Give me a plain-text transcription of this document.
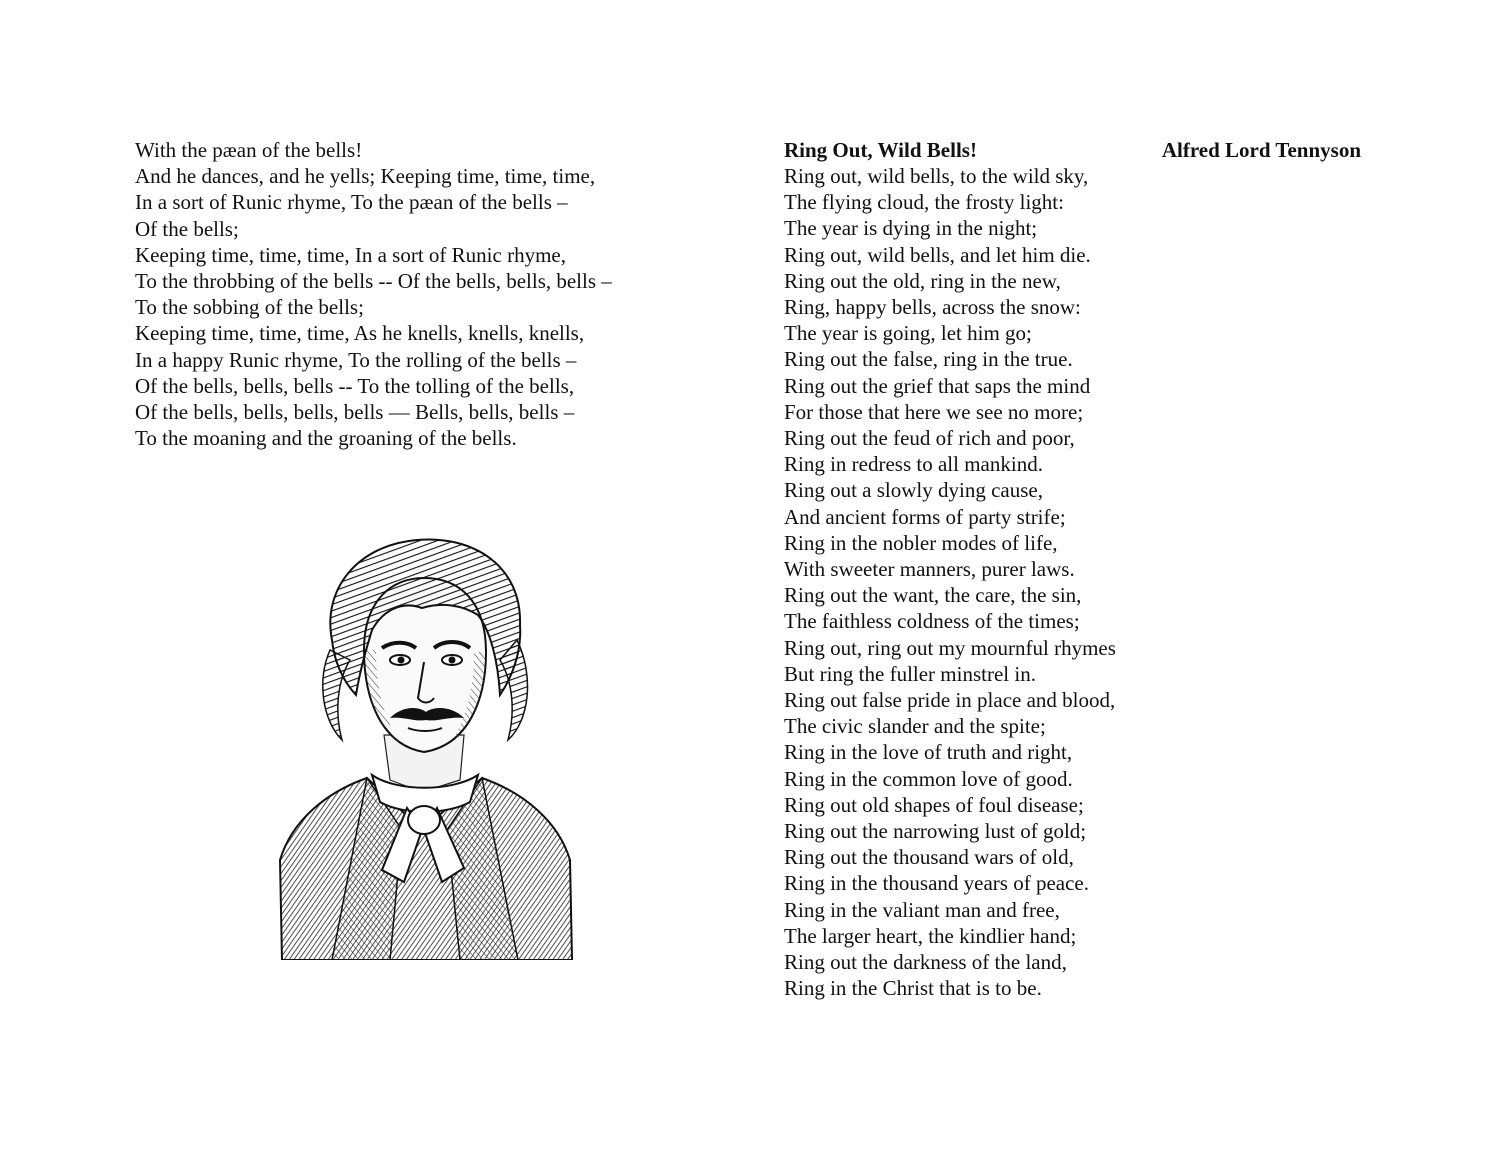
With the pæan of the bells!
And he dances, and he yells; Keeping time, time, time,
In a sort of Runic rhyme, To the pæan of the bells –
Of the bells;
Keeping time, time, time, In a sort of Runic rhyme,
To the throbbing of the bells -- Of the bells, bells, bells –
To the sobbing of the bells;
Keeping time, time, time, As he knells, knells, knells,
In a happy Runic rhyme, To the rolling of the bells –
Of the bells, bells, bells -- To the tolling of the bells,
Of the bells, bells, bells, bells — Bells, bells, bells –
To the moaning and the groaning of the bells.
Ring Out, Wild Bells!	Alfred Lord Tennyson
Ring out, wild bells, to the wild sky,
The flying cloud, the frosty light:
The year is dying in the night;
Ring out, wild bells, and let him die.
Ring out the old, ring in the new,
Ring, happy bells, across the snow:
The year is going, let him go;
Ring out the false, ring in the true.
Ring out the grief that saps the mind
For those that here we see no more;
Ring out the feud of rich and poor,
Ring in redress to all mankind.
Ring out a slowly dying cause,
And ancient forms of party strife;
Ring in the nobler modes of life,
With sweeter manners, purer laws.
Ring out the want, the care, the sin,
The faithless coldness of the times;
Ring out, ring out my mournful rhymes
But ring the fuller minstrel in.
Ring out false pride in place and blood,
The civic slander and the spite;
Ring in the love of truth and right,
Ring in the common love of good.
Ring out old shapes of foul disease;
Ring out the narrowing lust of gold;
Ring out the thousand wars of old,
Ring in the thousand years of peace.
Ring in the valiant man and free,
The larger heart, the kindlier hand;
Ring out the darkness of the land,
Ring in the Christ that is to be.
